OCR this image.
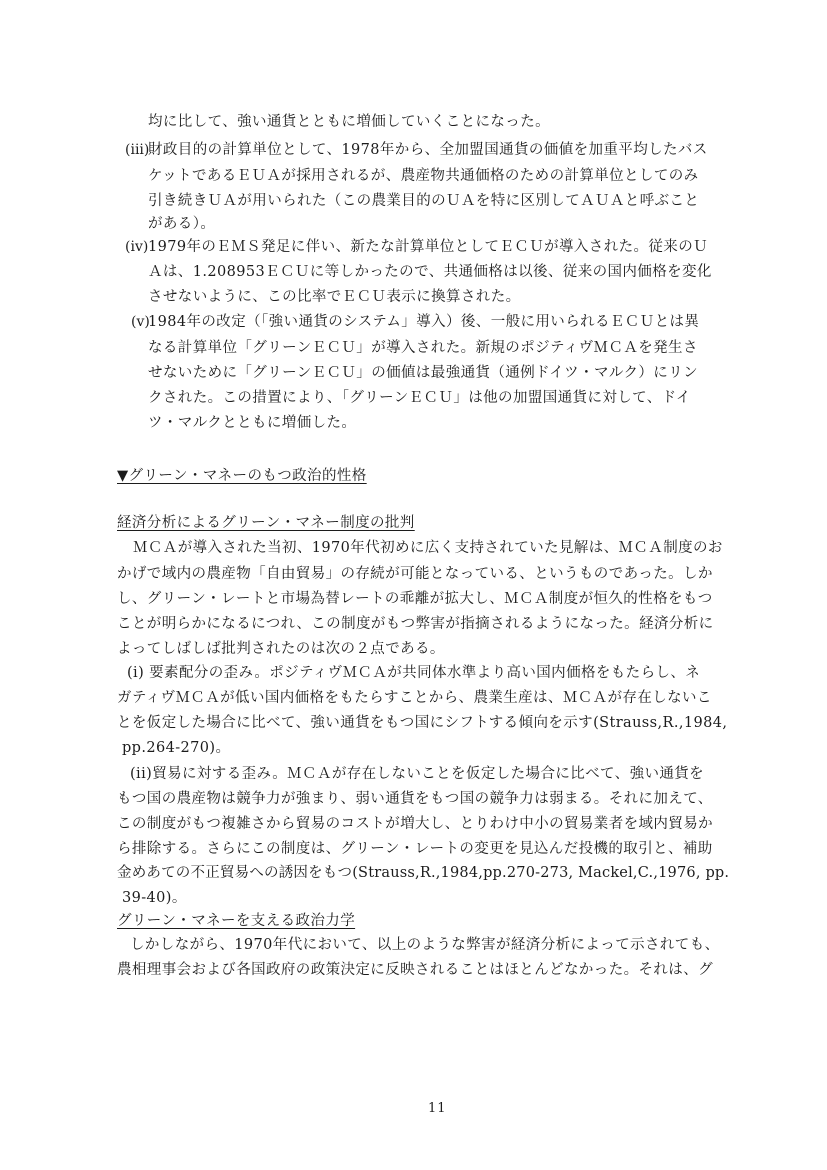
均に比して、強い通貨とともに増価していくことになった。
(iii)
財政目的の計算単位として、1978年から、全加盟国通貨の価値を加重平均したバス
ケットであるＥＵＡが採用されるが、農産物共通価格のための計算単位としてのみ
引き続きＵＡが用いられた（この農業目的のＵＡを特に区別してＡＵＡと呼ぶこと
がある）。
(iv) 1979年のＥＭＳ発足に伴い、新たな計算単位としてＥＣＵが導入された。従来のＵ
Ａは、1.208953ＥＣＵに等しかったので、共通価格は以後、従来の国内価格を変化
させないように、この比率でＥＣＵ表示に換算された。
(v)
1984年の改定（「強い通貨のシステム」導入）後、一般に用いられるＥＣＵとは異
なる計算単位「グリーンＥＣＵ」が導入された。新規のポジティヴＭＣＡを発生さ
せないために「グリーンＥＣＵ」の価値は最強通貨（通例ドイツ・マルク）にリン
クされた。この措置により、「グリーンＥＣＵ」は他の加盟国通貨に対して、ドイ
ツ・マルクとともに増価した。
▼グリーン・マネーのもつ政治的性格
経済分析によるグリーン・マネー制度の批判
ＭＣＡが導入された当初、1970年代初めに広く支持されていた見解は、ＭＣＡ制度のお
かげで域内の農産物「自由貿易」の存続が可能となっている、というものであった。しか
し、グリーン・レートと市場為替レートの乖離が拡大し、ＭＣＡ制度が恒久的性格をもつ
ことが明らかになるにつれ、この制度がもつ弊害が指摘されるようになった。経済分析に
よってしばしば批判されたのは次の２点である。
(i) 要素配分の歪み。ポジティヴＭＣＡが共同体水準より高い国内価格をもたらし、ネ
ガティヴＭＣＡが低い国内価格をもたらすことから、農業生産は、ＭＣＡが存在しないこ
とを仮定した場合に比べて、強い通貨をもつ国にシフトする傾向を示す(Strauss,R.,1984,
pp.264-270)。
(ii)貿易に対する歪み。ＭＣＡが存在しないことを仮定した場合に比べて、強い通貨を
もつ国の農産物は競争力が強まり、弱い通貨をもつ国の競争力は弱まる。それに加えて、
この制度がもつ複雑さから貿易のコストが増大し、とりわけ中小の貿易業者を域内貿易か
ら排除する。さらにこの制度は、グリーン・レートの変更を見込んだ投機的取引と、補助
金めあての不正貿易への誘因をもつ(Strauss,R.,1984,pp.270-273, Mackel,C.,1976, pp.
39-40)。
グリーン・マネーを支える政治力学
しかしながら、1970年代において、以上のような弊害が経済分析によって示されても、
農相理事会および各国政府の政策決定に反映されることはほとんどなかった。それは、グ
11
